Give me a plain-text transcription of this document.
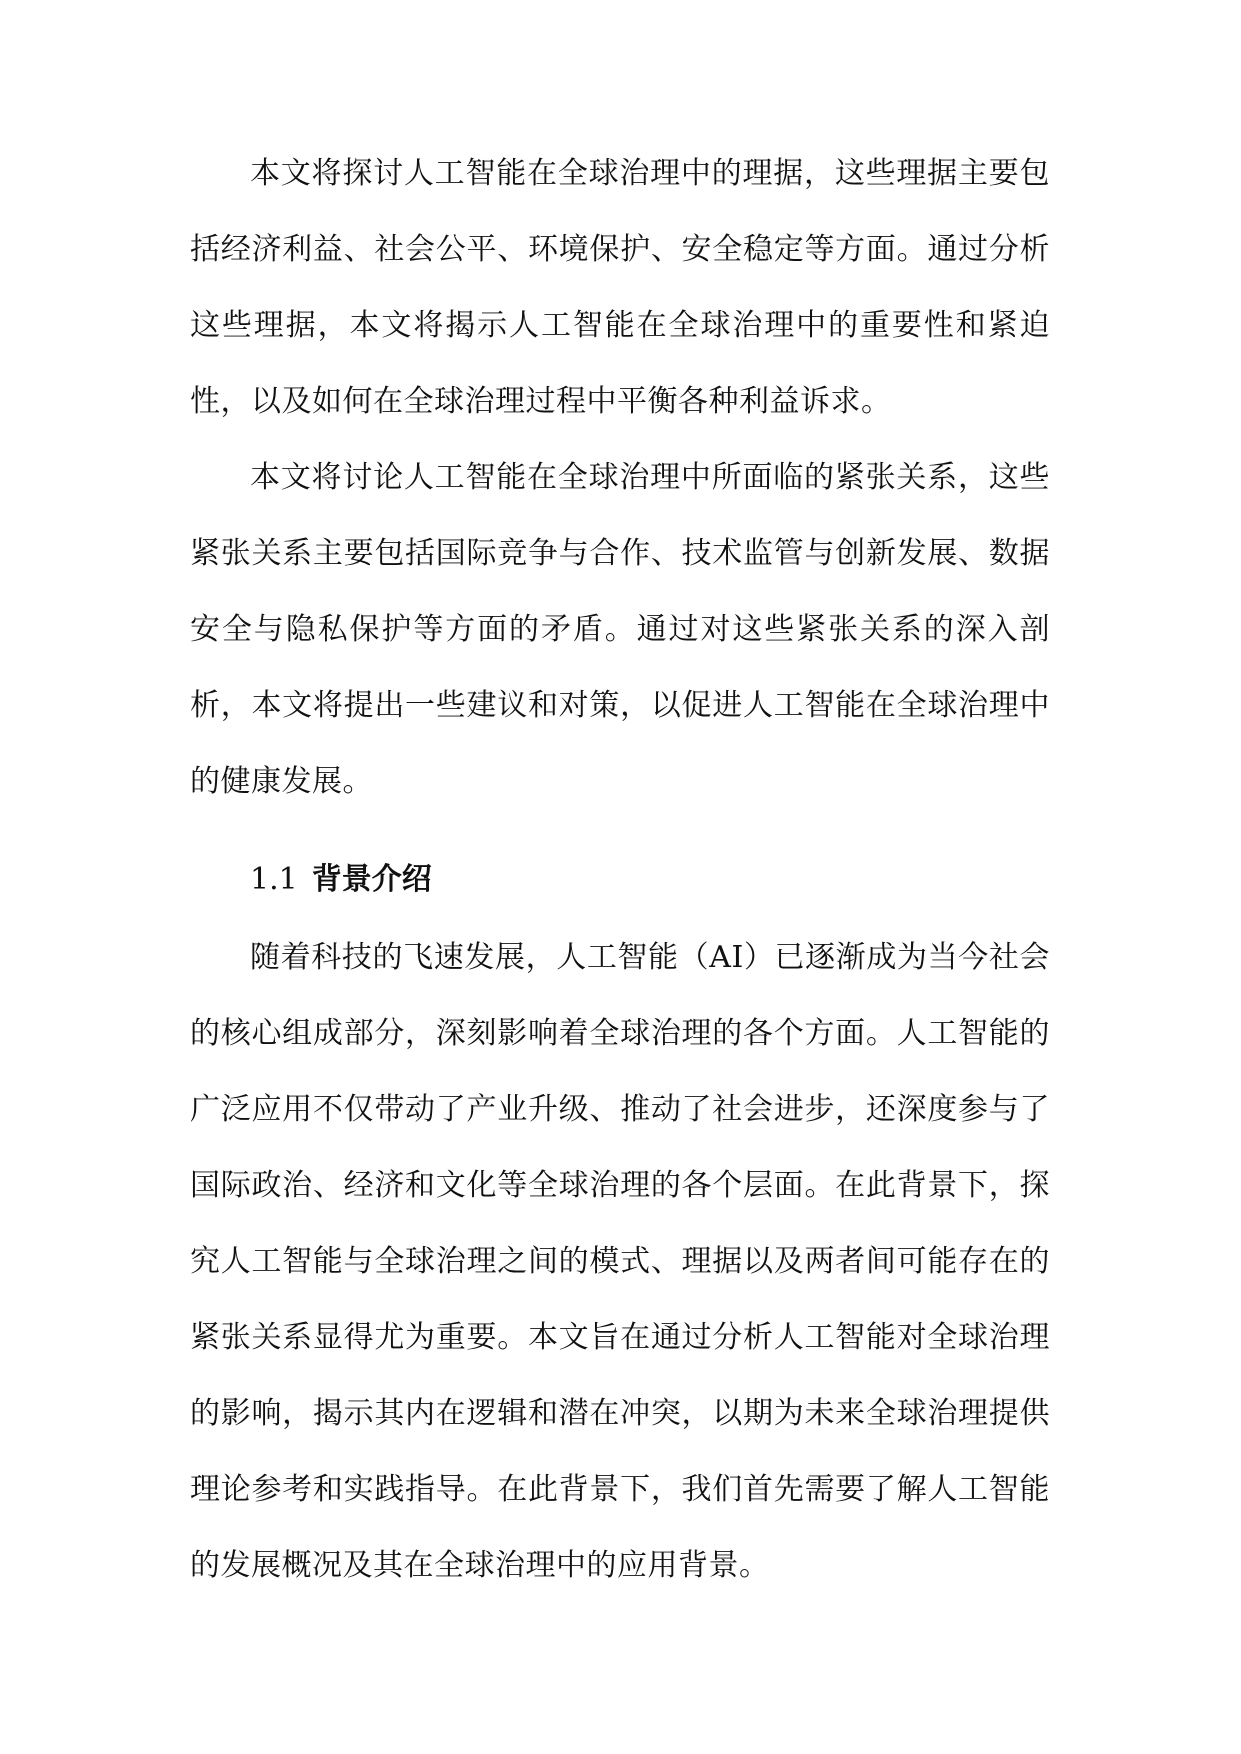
本文将探讨人工智能在全球治理中的理据，这些理据主要包括经济利益、社会公平、环境保护、安全稳定等方面。通过分析这些理据，本文将揭示人工智能在全球治理中的重要性和紧迫性，以及如何在全球治理过程中平衡各种利益诉求。

本文将讨论人工智能在全球治理中所面临的紧张关系，这些紧张关系主要包括国际竞争与合作、技术监管与创新发展、数据安全与隐私保护等方面的矛盾。通过对这些紧张关系的深入剖析，本文将提出一些建议和对策，以促进人工智能在全球治理中的健康发展。

1.1 背景介绍

随着科技的飞速发展，人工智能（AI）已逐渐成为当今社会的核心组成部分，深刻影响着全球治理的各个方面。人工智能的广泛应用不仅带动了产业升级、推动了社会进步，还深度参与了国际政治、经济和文化等全球治理的各个层面。在此背景下，探究人工智能与全球治理之间的模式、理据以及两者间可能存在的紧张关系显得尤为重要。本文旨在通过分析人工智能对全球治理的影响，揭示其内在逻辑和潜在冲突，以期为未来全球治理提供理论参考和实践指导。在此背景下，我们首先需要了解人工智能的发展概况及其在全球治理中的应用背景。
